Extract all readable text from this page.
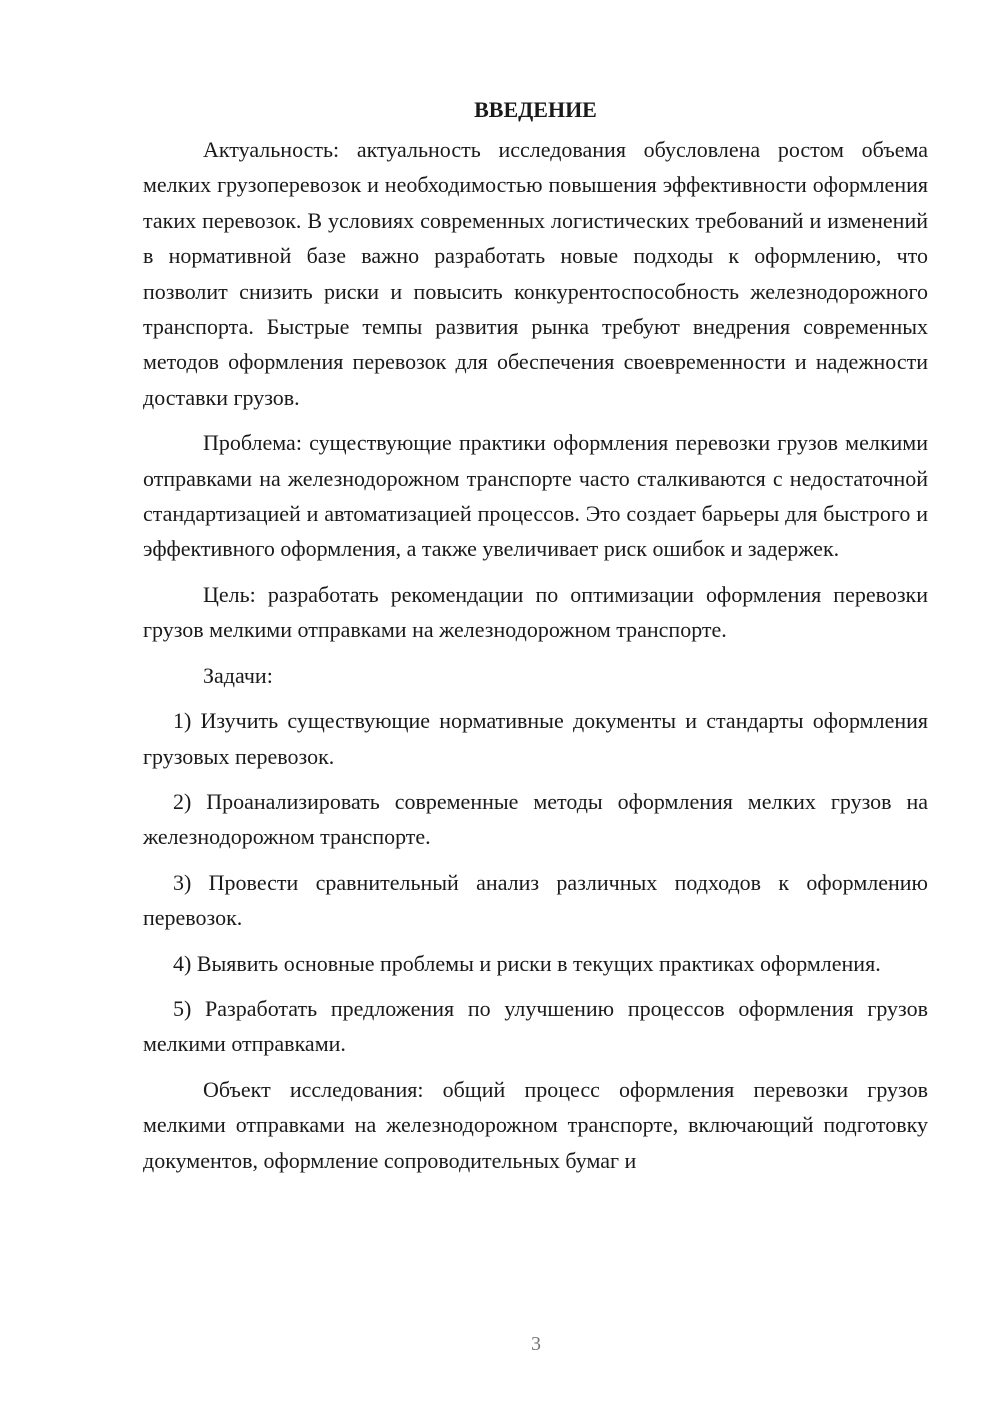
ВВЕДЕНИЕ

Актуальность: актуальность исследования обусловлена ростом объема мелких грузоперевозок и необходимостью повышения эффективности оформления таких перевозок. В условиях современных логистических требований и изменений в нормативной базе важно разработать новые подходы к оформлению, что позволит снизить риски и повысить конкурентоспособность железнодорожного транспорта. Быстрые темпы развития рынка требуют внедрения современных методов оформления перевозок для обеспечения своевременности и надежности доставки грузов.

Проблема: существующие практики оформления перевозки грузов мелкими отправками на железнодорожном транспорте часто сталкиваются с недостаточной стандартизацией и автоматизацией процессов. Это создает барьеры для быстрого и эффективного оформления, а также увеличивает риск ошибок и задержек.

Цель: разработать рекомендации по оптимизации оформления перевозки грузов мелкими отправками на железнодорожном транспорте.

Задачи:

1) Изучить существующие нормативные документы и стандарты оформления грузовых перевозок.

2) Проанализировать современные методы оформления мелких грузов на железнодорожном транспорте.

3) Провести сравнительный анализ различных подходов к оформлению перевозок.

4) Выявить основные проблемы и риски в текущих практиках оформления.

5) Разработать предложения по улучшению процессов оформления грузов мелкими отправками.

Объект исследования: общий процесс оформления перевозки грузов мелкими отправками на железнодорожном транспорте, включающий подготовку документов, оформление сопроводительных бумаг и

3
